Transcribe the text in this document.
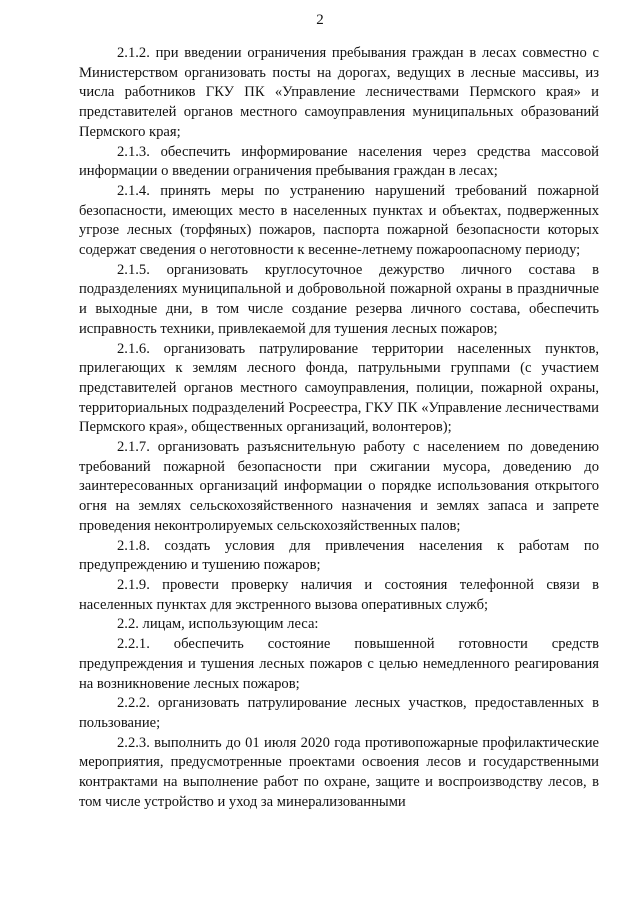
2

2.1.2. при введении ограничения пребывания граждан в лесах совместно с Министерством организовать посты на дорогах, ведущих в лесные массивы, из числа работников ГКУ ПК «Управление лесничествами Пермского края» и представителей органов местного самоуправления муниципальных образований Пермского края;

2.1.3. обеспечить информирование населения через средства массовой информации о введении ограничения пребывания граждан в лесах;

2.1.4. принять меры по устранению нарушений требований пожарной безопасности, имеющих место в населенных пунктах и объектах, подверженных угрозе лесных (торфяных) пожаров, паспорта пожарной безопасности которых содержат сведения о неготовности к весенне-летнему пожароопасному периоду;

2.1.5. организовать круглосуточное дежурство личного состава в подразделениях муниципальной и добровольной пожарной охраны в праздничные и выходные дни, в том числе создание резерва личного состава, обеспечить исправность техники, привлекаемой для тушения лесных пожаров;

2.1.6. организовать патрулирование территории населенных пунктов, прилегающих к землям лесного фонда, патрульными группами (с участием представителей органов местного самоуправления, полиции, пожарной охраны, территориальных подразделений Росреестра, ГКУ ПК «Управление лесничествами Пермского края», общественных организаций, волонтеров);

2.1.7. организовать разъяснительную работу с населением по доведению требований пожарной безопасности при сжигании мусора, доведению до заинтересованных организаций информации о порядке использования открытого огня на землях сельскохозяйственного назначения и землях запаса и запрете проведения неконтролируемых сельскохозяйственных палов;

2.1.8. создать условия для привлечения населения к работам по предупреждению и тушению пожаров;

2.1.9. провести проверку наличия и состояния телефонной связи в населенных пунктах для экстренного вызова оперативных служб;

2.2. лицам, использующим леса:

2.2.1. обеспечить состояние повышенной готовности средств предупреждения и тушения лесных пожаров с целью немедленного реагирования на возникновение лесных пожаров;

2.2.2. организовать патрулирование лесных участков, предоставленных в пользование;

2.2.3. выполнить до 01 июля 2020 года противопожарные профилактические мероприятия, предусмотренные проектами освоения лесов и государственными контрактами на выполнение работ по охране, защите и воспроизводству лесов, в том числе устройство и уход за минерализованными
